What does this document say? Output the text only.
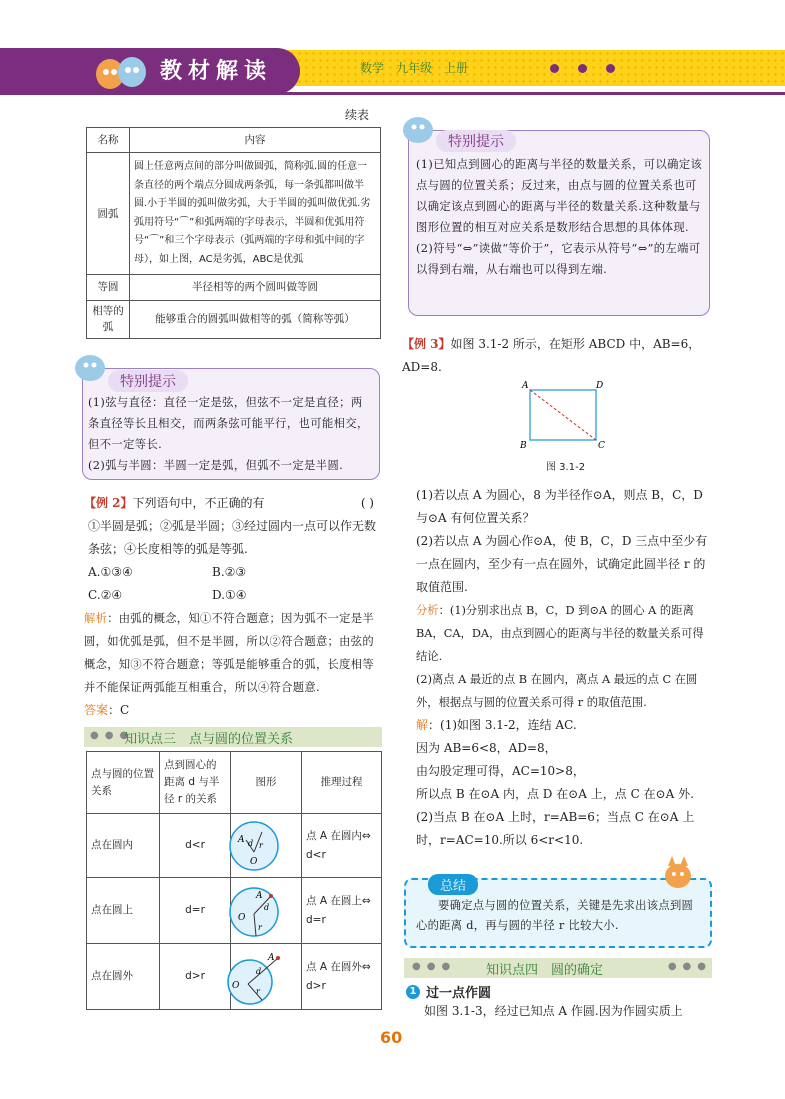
教材解读	数学 九年级 上册
续表
名称	内容
圆弧	圆上任意两点间的部分叫做圆弧，简称弧.圆的任意一条直径的两个端点分圆成两条弧，每一条弧都叫做半圆.小于半圆的弧叫做劣弧，大于半圆的弧叫做优弧.劣弧用符号“⌒”和弧两端的字母表示，半圆和优弧用符号“⌒”和三个字母表示（弧两端的字母和弧中间的字母），如上图，AC是劣弧，ABC是优弧
等圆	半径相等的两个圆叫做等圆
相等的弧	能够重合的圆弧叫做相等的弧（简称等弧）
特别提示
(1)弦与直径：直径一定是弦，但弦不一定是直径；两条直径等长且相交，而两条弦可能平行，也可能相交，但不一定等长.
(2)弧与半圆：半圆一定是弧，但弧不一定是半圆.
【例 2】下列语句中，不正确的有	( )
①半圆是弧；②弧是半圆；③经过圆内一点可以作无数条弦；④长度相等的弧是等弧.
A.①③④	B.②③
C.②④	D.①④
解析：由弧的概念，知①不符合题意；因为弧不一定是半圆，如优弧是弧，但不是半圆，所以②符合题意；由弦的概念，知③不符合题意；等弧是能够重合的弧，长度相等并不能保证两弧能互相重合，所以④符合题意.
答案：C
●●●
知识点三　点与圆的位置关系
点与圆的位置关系	点到圆心的距离 d 与半径 r 的关系	图形	推理过程
点在圆内	d<r		点 A 在圆内⇔ d<r
点在圆上	d=r		点 A 在圆上⇔ d=r
点在圆外	d>r		点 A 在圆外⇔ d>r
A
O
d r
O
A
d
r
A
O
d
r
特别提示
(1)已知点到圆心的距离与半径的数量关系，可以确定该点与圆的位置关系；反过来，由点与圆的位置关系也可以确定该点到圆心的距离与半径的数量关系.这种数量与图形位置的相互对应关系是数形结合思想的具体体现.
(2)符号“⇔”读做“等价于”，它表示从符号“⇔”的左端可以得到右端，从右端也可以得到左端.
【例 3】如图 3.1-2 所示，在矩形 ABCD 中，AB=6，AD=8.
A	D
B	C
图 3.1-2
(1)若以点 A 为圆心，8 为半径作⊙A，则点 B，C，D 与⊙A 有何位置关系？
(2)若以点 A 为圆心作⊙A，使 B，C，D 三点中至少有一点在圆内，至少有一点在圆外，试确定此圆半径 r 的取值范围.
分析：(1)分别求出点 B，C，D 到⊙A 的圆心 A 的距离 BA，CA，DA，由点到圆心的距离与半径的数量关系可得结论.
(2)离点 A 最近的点 B 在圆内，离点 A 最远的点 C 在圆外，根据点与圆的位置关系可得 r 的取值范围.
解：(1)如图 3.1-2，连结 AC.
因为 AB=6<8，AD=8，
由勾股定理可得，AC=10>8，
所以点 B 在⊙A 内，点 D 在⊙A 上，点 C 在⊙A 外.
(2)当点 B 在⊙A 上时，r=AB=6；当点 C 在⊙A 上时，r=AC=10.所以 6<r<10.
总结
要确定点与圆的位置关系，关键是先求出该点到圆心的距离 d，再与圆的半径 r 比较大小.
●●● 知识点四　圆的确定	●●●
1 过一点作圆
如图 3.1-3，经过已知点 A 作圆.因为作圆实质上
60
